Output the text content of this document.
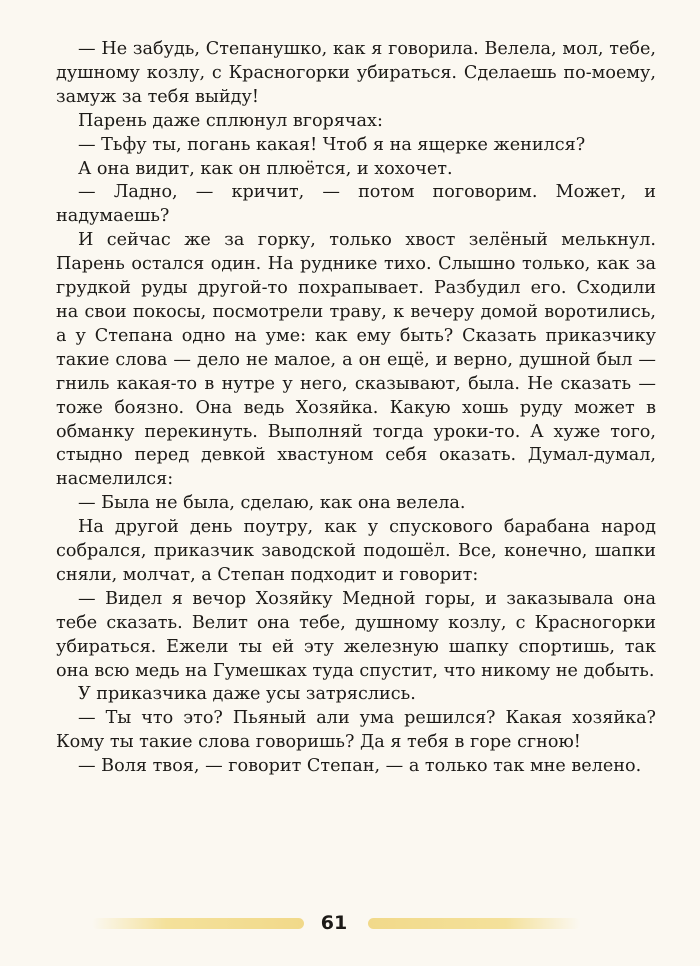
— Не забудь, Степанушко, как я говорила. Велела, мол, тебе, душному козлу, с Красногорки убираться. Сделаешь по-моему, замуж за тебя выйду!

Парень даже сплюнул вгорячах:

— Тьфу ты, погань какая! Чтоб я на ящерке женился?

А она видит, как он плюётся, и хохочет.

— Ладно, — кричит, — потом поговорим. Может, и надумаешь?

И сейчас же за горку, только хвост зелёный мелькнул. Парень остался один. На руднике тихо. Слышно только, как за грудкой руды другой-то похрапывает. Разбудил его. Сходили на свои покосы, посмотрели траву, к вечеру домой воротились, а у Степана одно на уме: как ему быть? Сказать приказчику такие слова — дело не малое, а он ещё, и верно, душной был — гниль какая-то в нутре у него, сказывают, была. Не сказать — тоже боязно. Она ведь Хозяйка. Какую хошь руду может в обманку перекинуть. Выполняй тогда уроки-то. А хуже того, стыдно перед девкой хвастуном себя оказать. Думал-думал, насмелился:

— Была не была, сделаю, как она велела.

На другой день поутру, как у спускового барабана народ собрался, приказчик заводской подошёл. Все, конечно, шапки сняли, молчат, а Степан подходит и говорит:

— Видел я вечор Хозяйку Медной горы, и заказывала она тебе сказать. Велит она тебе, душному козлу, с Красногорки убираться. Ежели ты ей эту железную шапку спортишь, так она всю медь на Гумешках туда спустит, что никому не добыть.

У приказчика даже усы затряслись.

— Ты что это? Пьяный али ума решился? Какая хозяйка? Кому ты такие слова говоришь? Да я тебя в горе сгною!

— Воля твоя, — говорит Степан, — а только так мне велено.

61
